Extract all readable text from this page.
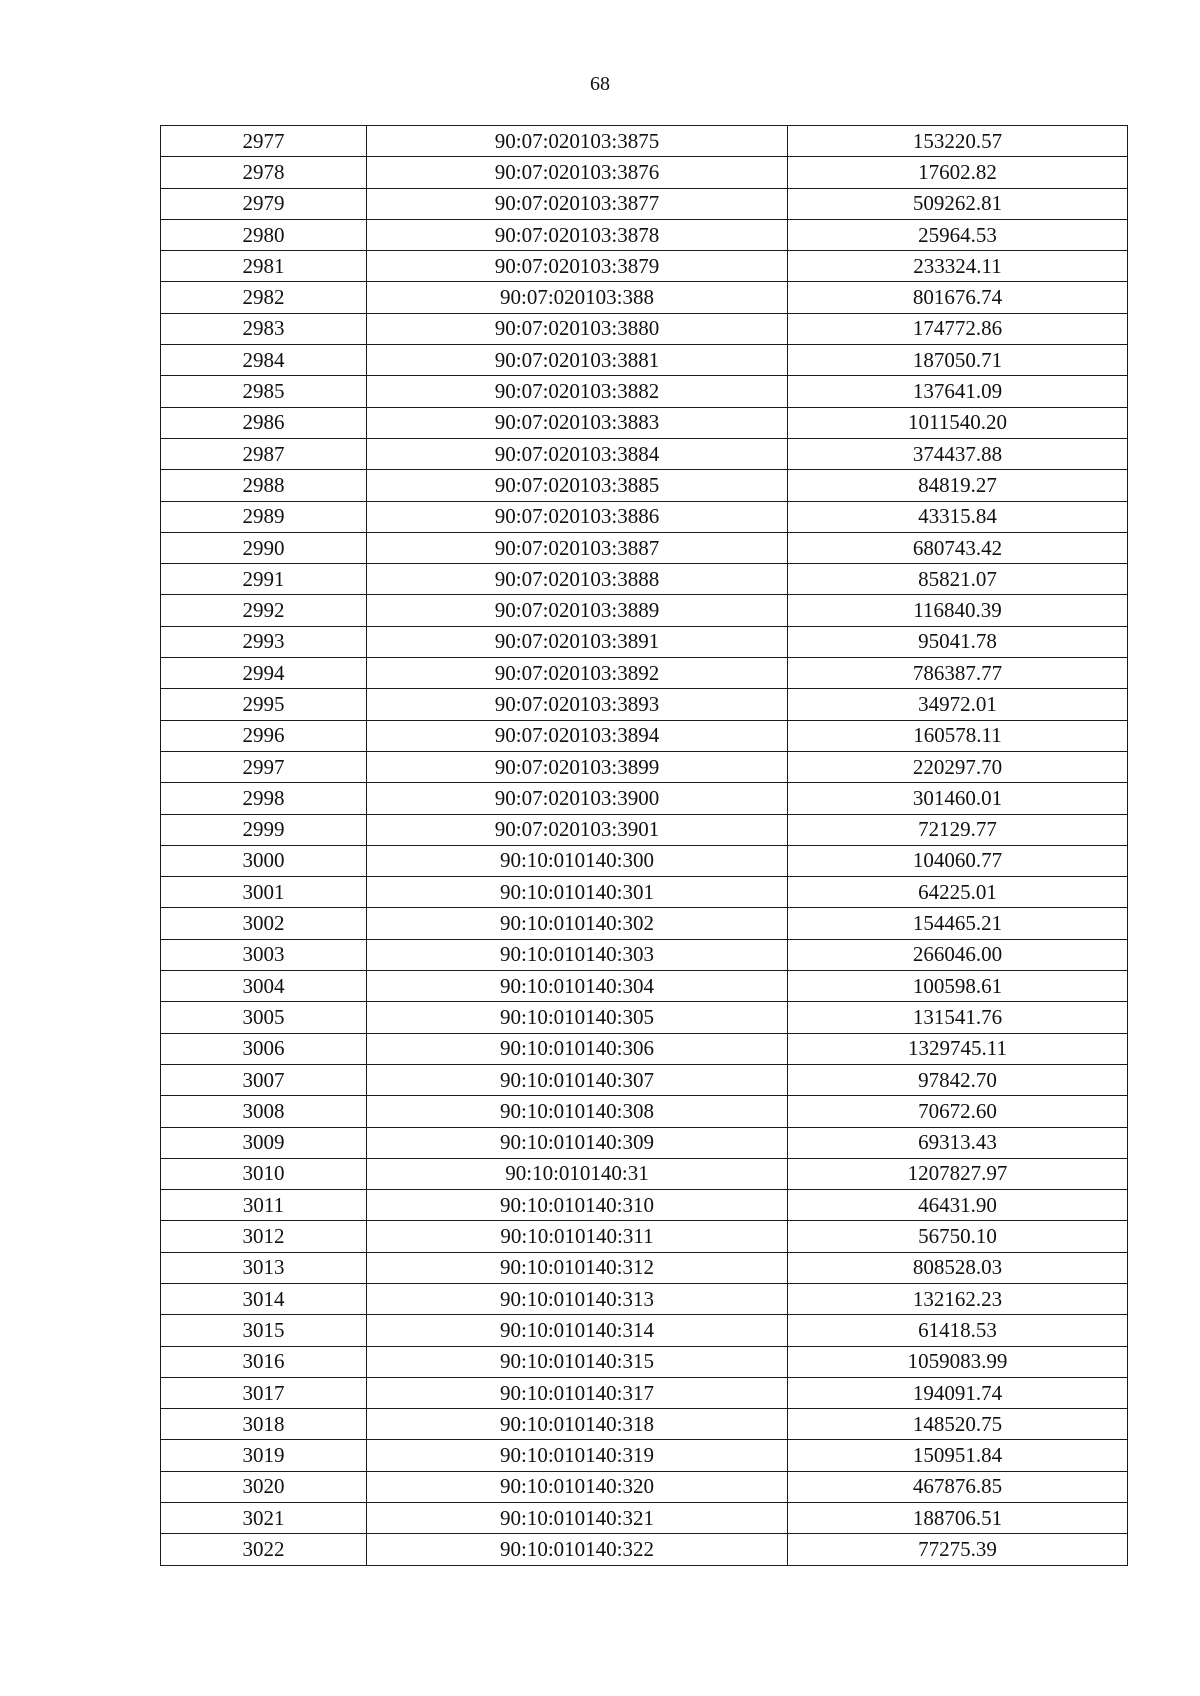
68
2977	90:07:020103:3875	153220.57
2978	90:07:020103:3876	17602.82
2979	90:07:020103:3877	509262.81
2980	90:07:020103:3878	25964.53
2981	90:07:020103:3879	233324.11
2982	90:07:020103:388	801676.74
2983	90:07:020103:3880	174772.86
2984	90:07:020103:3881	187050.71
2985	90:07:020103:3882	137641.09
2986	90:07:020103:3883	1011540.20
2987	90:07:020103:3884	374437.88
2988	90:07:020103:3885	84819.27
2989	90:07:020103:3886	43315.84
2990	90:07:020103:3887	680743.42
2991	90:07:020103:3888	85821.07
2992	90:07:020103:3889	116840.39
2993	90:07:020103:3891	95041.78
2994	90:07:020103:3892	786387.77
2995	90:07:020103:3893	34972.01
2996	90:07:020103:3894	160578.11
2997	90:07:020103:3899	220297.70
2998	90:07:020103:3900	301460.01
2999	90:07:020103:3901	72129.77
3000	90:10:010140:300	104060.77
3001	90:10:010140:301	64225.01
3002	90:10:010140:302	154465.21
3003	90:10:010140:303	266046.00
3004	90:10:010140:304	100598.61
3005	90:10:010140:305	131541.76
3006	90:10:010140:306	1329745.11
3007	90:10:010140:307	97842.70
3008	90:10:010140:308	70672.60
3009	90:10:010140:309	69313.43
3010	90:10:010140:31	1207827.97
3011	90:10:010140:310	46431.90
3012	90:10:010140:311	56750.10
3013	90:10:010140:312	808528.03
3014	90:10:010140:313	132162.23
3015	90:10:010140:314	61418.53
3016	90:10:010140:315	1059083.99
3017	90:10:010140:317	194091.74
3018	90:10:010140:318	148520.75
3019	90:10:010140:319	150951.84
3020	90:10:010140:320	467876.85
3021	90:10:010140:321	188706.51
3022	90:10:010140:322	77275.39
